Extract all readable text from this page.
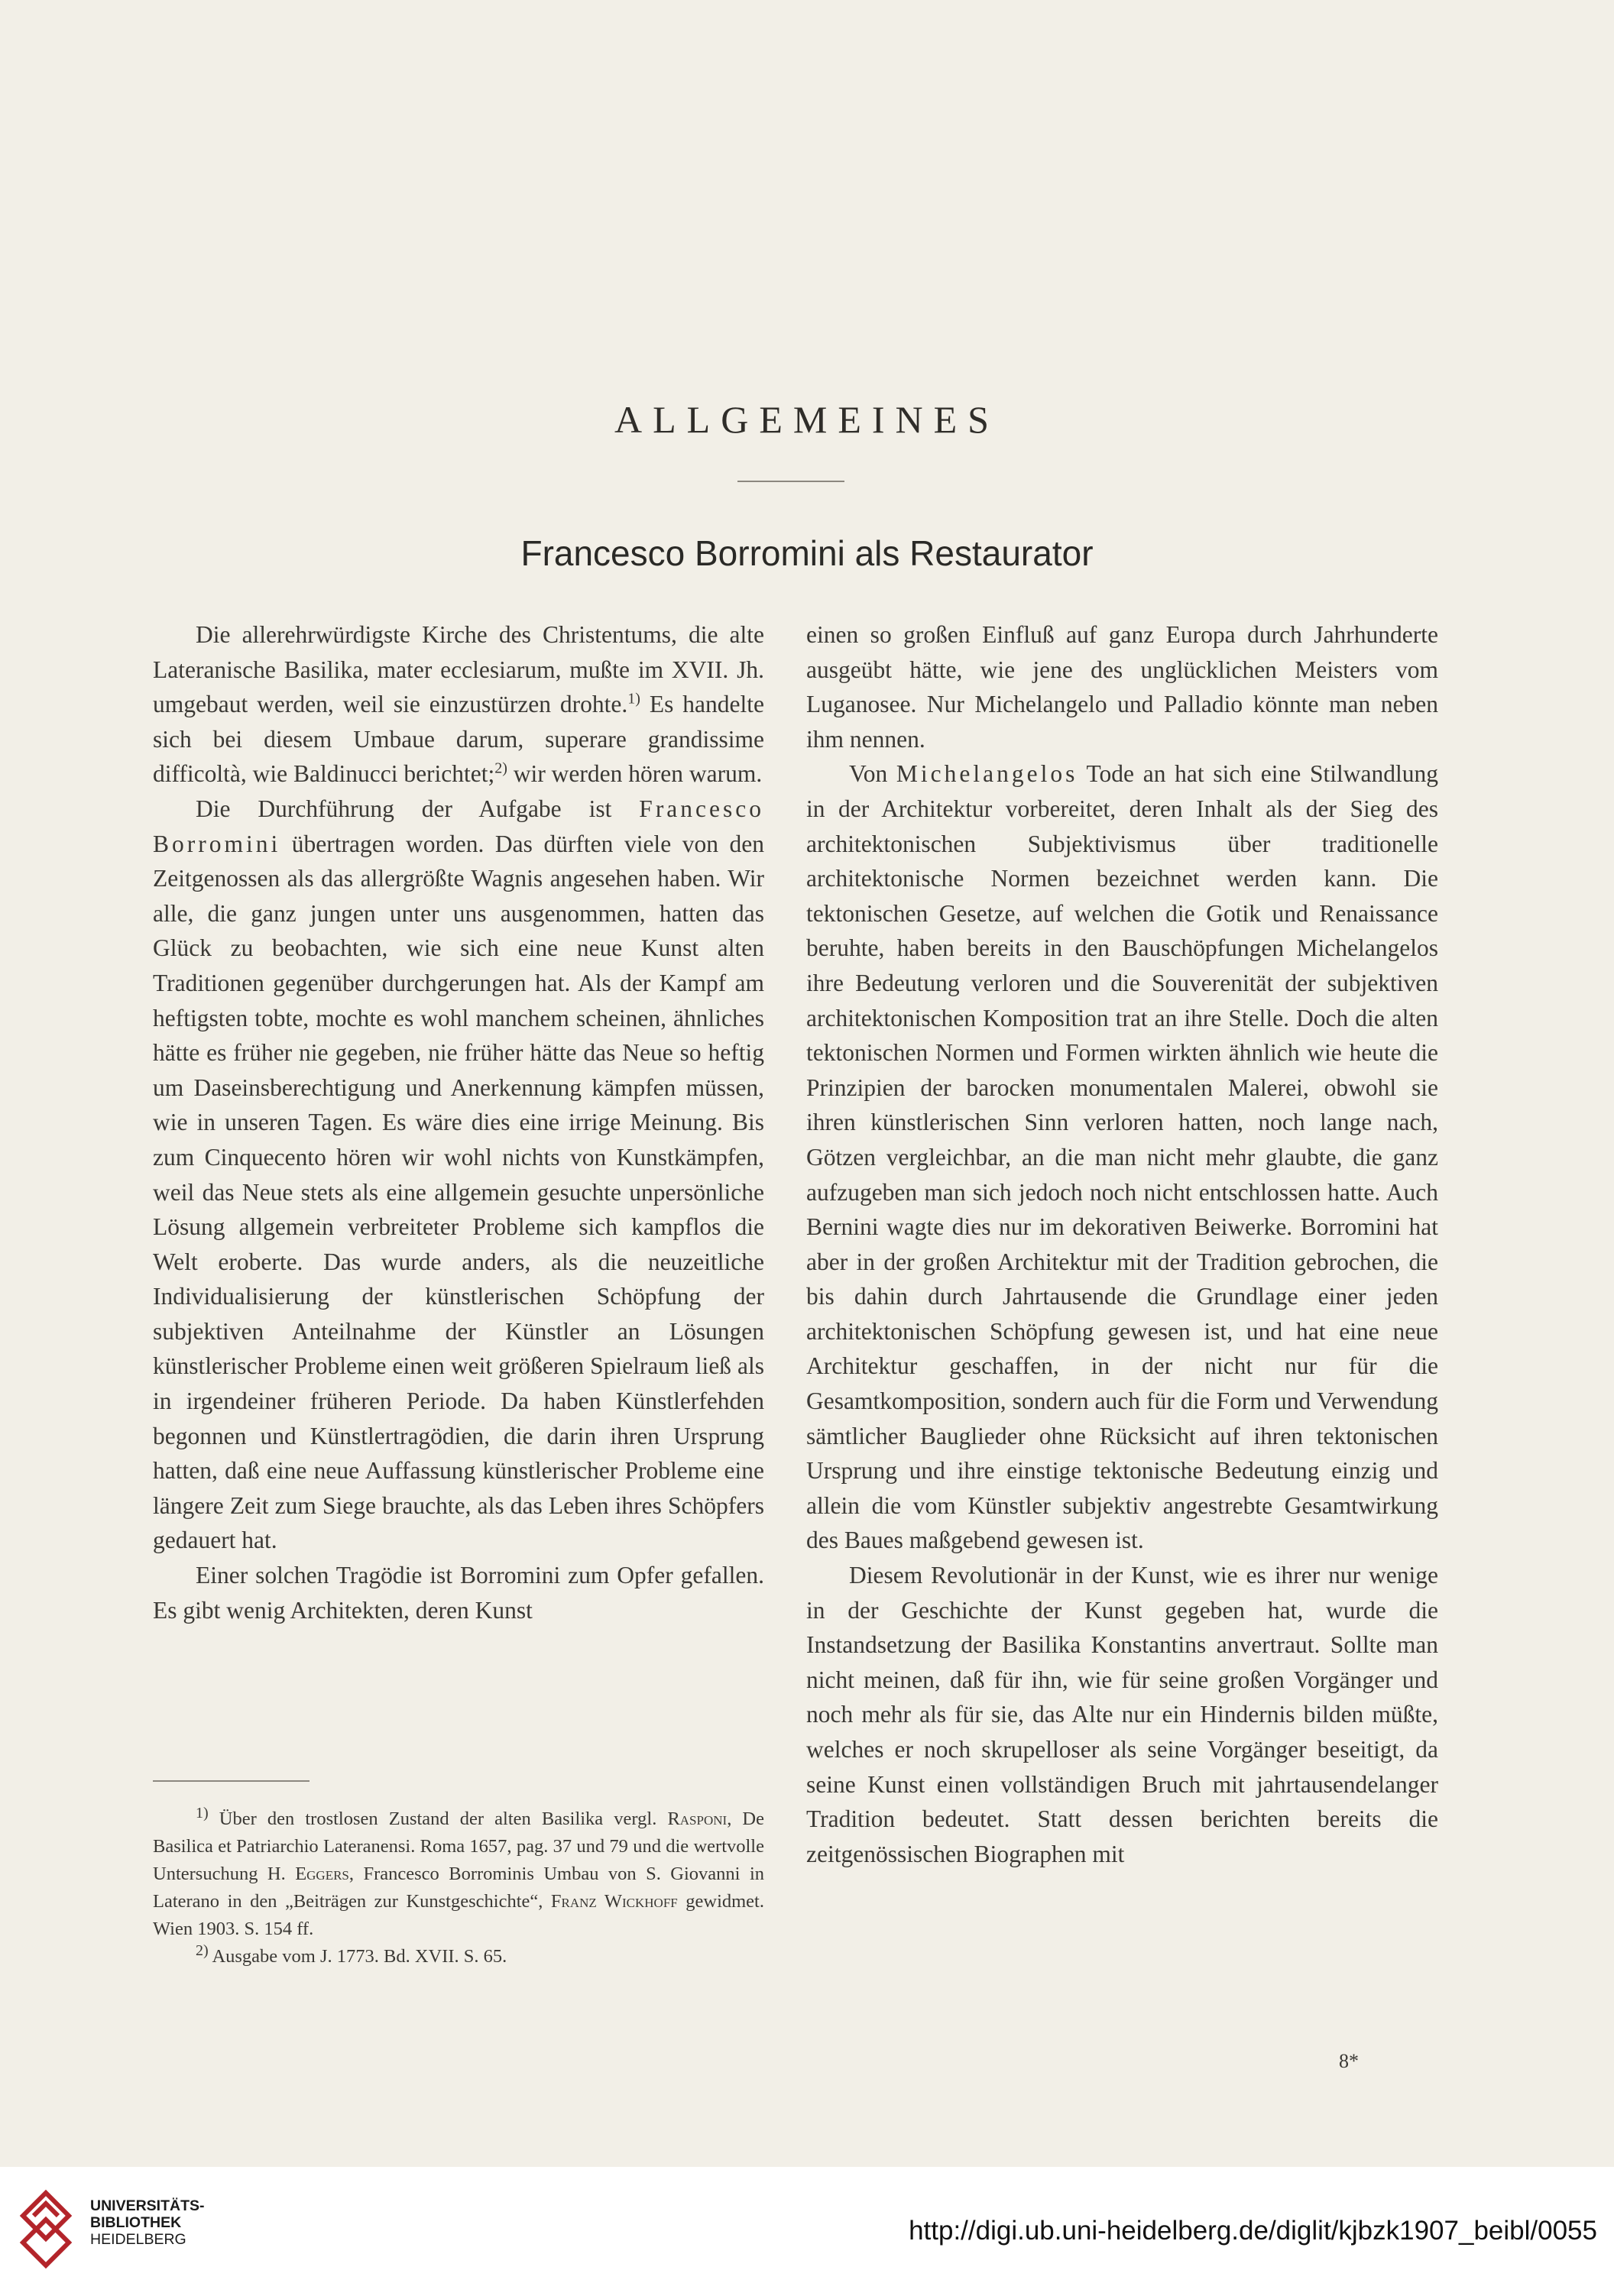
ALLGEMEINES
Francesco Borromini als Restaurator

Die allerehrwürdigste Kirche des Christentums, die alte Lateranische Basilika, mater ecclesiarum, mußte im XVII. Jh. umgebaut werden, weil sie einzustürzen drohte.$^{1)}$ Es handelte sich bei diesem Umbaue darum, superare grandissime difficoltà, wie Baldinucci berichtet;$^{2)}$ wir werden hören warum.

Die Durchführung der Aufgabe ist Francesco Borromini übertragen worden. Das dürften viele von den Zeitgenossen als das allergrößte Wagnis angesehen haben. Wir alle, die ganz jungen unter uns ausgenommen, hatten das Glück zu beobachten, wie sich eine neue Kunst alten Traditionen gegenüber durchgerungen hat. Als der Kampf am heftigsten tobte, mochte es wohl manchem scheinen, ähnliches hätte es früher nie gegeben, nie früher hätte das Neue so heftig um Daseinsberechtigung und Anerkennung kämpfen müssen, wie in unseren Tagen. Es wäre dies eine irrige Meinung. Bis zum Cinquecento hören wir wohl nichts von Kunstkämpfen, weil das Neue stets als eine allgemein gesuchte unpersönliche Lösung allgemein verbreiteter Probleme sich kampflos die Welt eroberte. Das wurde anders, als die neuzeitliche Individualisierung der künstlerischen Schöpfung der subjektiven Anteilnahme der Künstler an Lösungen künstlerischer Probleme einen weit größeren Spielraum ließ als in irgendeiner früheren Periode. Da haben Künstlerfehden begonnen und Künstlertragödien, die darin ihren Ursprung hatten, daß eine neue Auffassung künstlerischer Probleme eine längere Zeit zum Siege brauchte, als das Leben ihres Schöpfers gedauert hat.

Einer solchen Tragödie ist Borromini zum Opfer gefallen. Es gibt wenig Architekten, deren Kunst

einen so großen Einfluß auf ganz Europa durch Jahrhunderte ausgeübt hätte, wie jene des unglücklichen Meisters vom Luganosee. Nur Michelangelo und Palladio könnte man neben ihm nennen.

Von Michelangelos Tode an hat sich eine Stilwandlung in der Architektur vorbereitet, deren Inhalt als der Sieg des architektonischen Subjektivismus über traditionelle architektonische Normen bezeichnet werden kann. Die tektonischen Gesetze, auf welchen die Gotik und Renaissance beruhte, haben bereits in den Bauschöpfungen Michelangelos ihre Bedeutung verloren und die Souverenität der subjektiven architektonischen Komposition trat an ihre Stelle. Doch die alten tektonischen Normen und Formen wirkten ähnlich wie heute die Prinzipien der barocken monumentalen Malerei, obwohl sie ihren künstlerischen Sinn verloren hatten, noch lange nach, Götzen vergleichbar, an die man nicht mehr glaubte, die ganz aufzugeben man sich jedoch noch nicht entschlossen hatte. Auch Bernini wagte dies nur im dekorativen Beiwerke. Borromini hat aber in der großen Architektur mit der Tradition gebrochen, die bis dahin durch Jahrtausende die Grundlage einer jeden architektonischen Schöpfung gewesen ist, und hat eine neue Architektur geschaffen, in der nicht nur für die Gesamtkomposition, sondern auch für die Form und Verwendung sämtlicher Bauglieder ohne Rücksicht auf ihren tektonischen Ursprung und ihre einstige tektonische Bedeutung einzig und allein die vom Künstler subjektiv angestrebte Gesamtwirkung des Baues maßgebend gewesen ist.

Diesem Revolutionär in der Kunst, wie es ihrer nur wenige in der Geschichte der Kunst gegeben hat, wurde die Instandsetzung der Basilika Konstantins anvertraut. Sollte man nicht meinen, daß für ihn, wie für seine großen Vorgänger und noch mehr als für sie, das Alte nur ein Hindernis bilden müßte, welches er noch skrupelloser als seine Vorgänger beseitigt, da seine Kunst einen vollständigen Bruch mit jahrtausendelanger Tradition bedeutet. Statt dessen berichten bereits die zeitgenössischen Biographen mit

$^{1)}$ Über den trostlosen Zustand der alten Basilika vergl. Rasponi, De Basilica et Patriarchio Lateranensi. Roma 1657, pag. 37 und 79 und die wertvolle Untersuchung H. Eggers, Francesco Borrominis Umbau von S. Giovanni in Laterano in den „Beiträgen zur Kunstgeschichte“, Franz Wickhoff gewidmet. Wien 1903. S. 154 ff.

$^{2)}$ Ausgabe vom J. 1773. Bd. XVII. S. 65.

8*
UNIVERSITÄTS-
BIBLIOTHEK
HEIDELBERG	http://digi.ub.uni-heidelberg.de/diglit/kjbzk1907_beibl/0055
